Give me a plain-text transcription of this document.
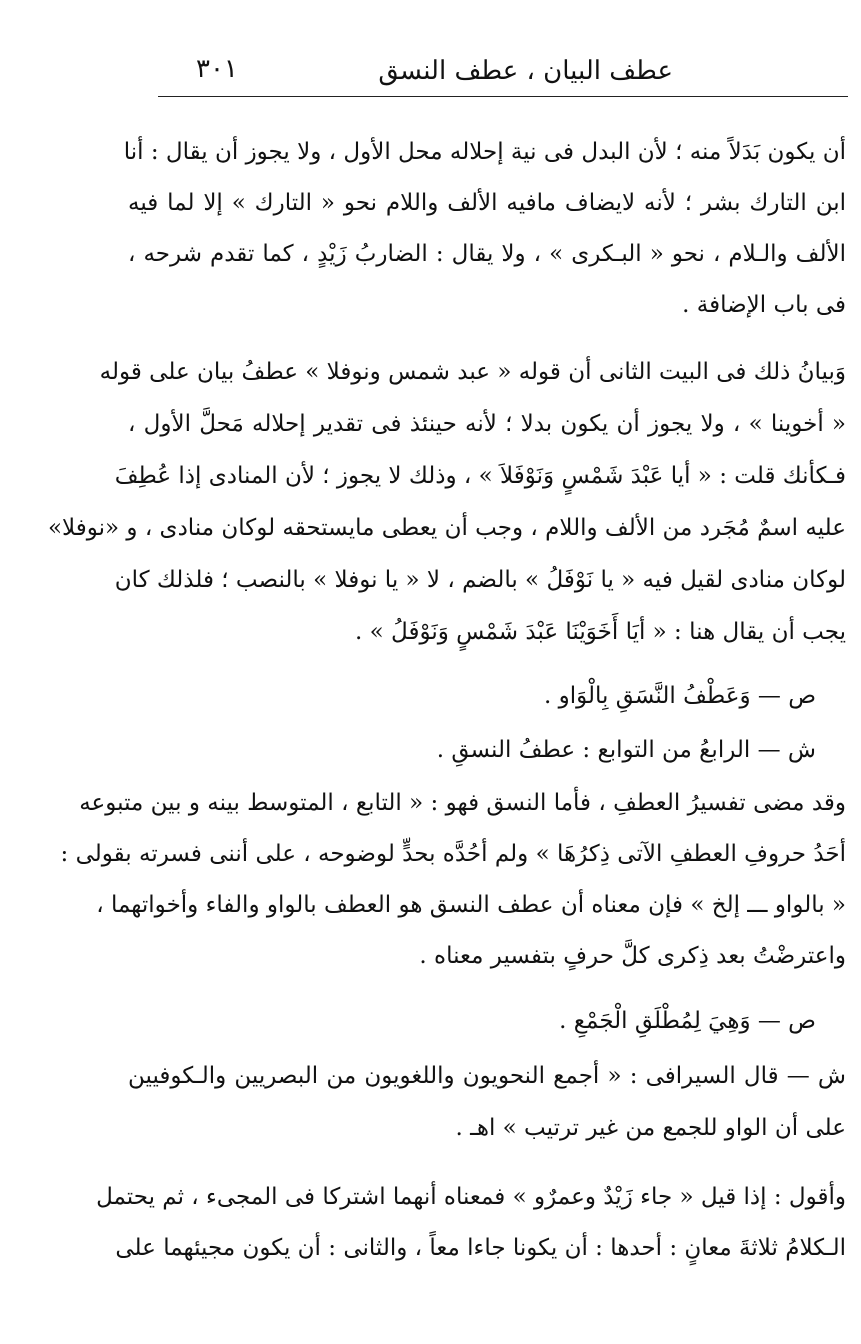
عطف البيان ، عطف النسق
٣٠١
أن يكون بَدَلاً منه ؛ لأن البدل فى نية إحلاله محل الأول ، ولا يجوز أن يقال : أنا
ابن التارك بشر ؛ لأنه لايضاف مافيه الألف واللام نحو « التارك » إلا لما فيه
الألف والـلام ، نحو « البـكرى » ، ولا يقال : الضاربُ زَيْدٍ ، كما تقدم شرحه ،
فى باب الإضافة .
وَبيانُ ذلك فى البيت الثانى أن قوله « عبد شمس ونوفلا » عطفُ بيان على قوله
« أخوينا » ، ولا يجوز أن يكون بدلا ؛ لأنه حينئذ فى تقدير إحلاله مَحلَّ الأول ،
فـكأنك قلت : « أيا عَبْدَ شَمْسٍ وَنَوْفَلاَ » ، وذلك لا يجوز ؛ لأن المنادى إذا عُطِفَ
عليه اسمٌ مُجَرد من الألف واللام ، وجب أن يعطى مايستحقه لوكان منادى ، و «نوفلا»
لوكان منادى لقيل فيه « يا نَوْفَلُ » بالضم ، لا « يا نوفلا » بالنصب ؛ فلذلك كان
يجب أن يقال هنا : « أيَا أَخَوَيْنَا عَبْدَ شَمْسٍ وَنَوْفَلُ » .
ص — وَعَطْفُ النَّسَقِ بِالْوَاو .
ش — الرابعُ من التوابع : عطفُ النسقِ .
وقد مضى تفسيرُ العطفِ ، فأما النسق فهو : « التابع ، المتوسط بينه و بين متبوعه
أحَدُ حروفِ العطفِ الآتى ذِكرُهَا » ولم أحُدَّه بحدٍّ لوضوحه ، على أننى فسرته بقولى :
« بالواو ـــ إلخ » فإن معناه أن عطف النسق هو العطف بالواو والفاء وأخواتهما ،
واعترضْتُ بعد ذِكرى كلَّ حرفٍ بتفسير معناه .
ص — وَهِيَ لِمُطْلَقِ الْجَمْعِ .
ش — قال السيرافى : « أجمع النحويون واللغويون من البصريين والـكوفيين
على أن الواو للجمع من غير ترتيب » اهـ .
وأقول : إذا قيل « جاء زَيْدٌ وعمرٌو » فمعناه أنهما اشتركا فى المجىء ، ثم يحتمل
الـكلامُ ثلاثةَ معانٍ : أحدها : أن يكونا جاءا معاً ، والثانى : أن يكون مجيئهما على
